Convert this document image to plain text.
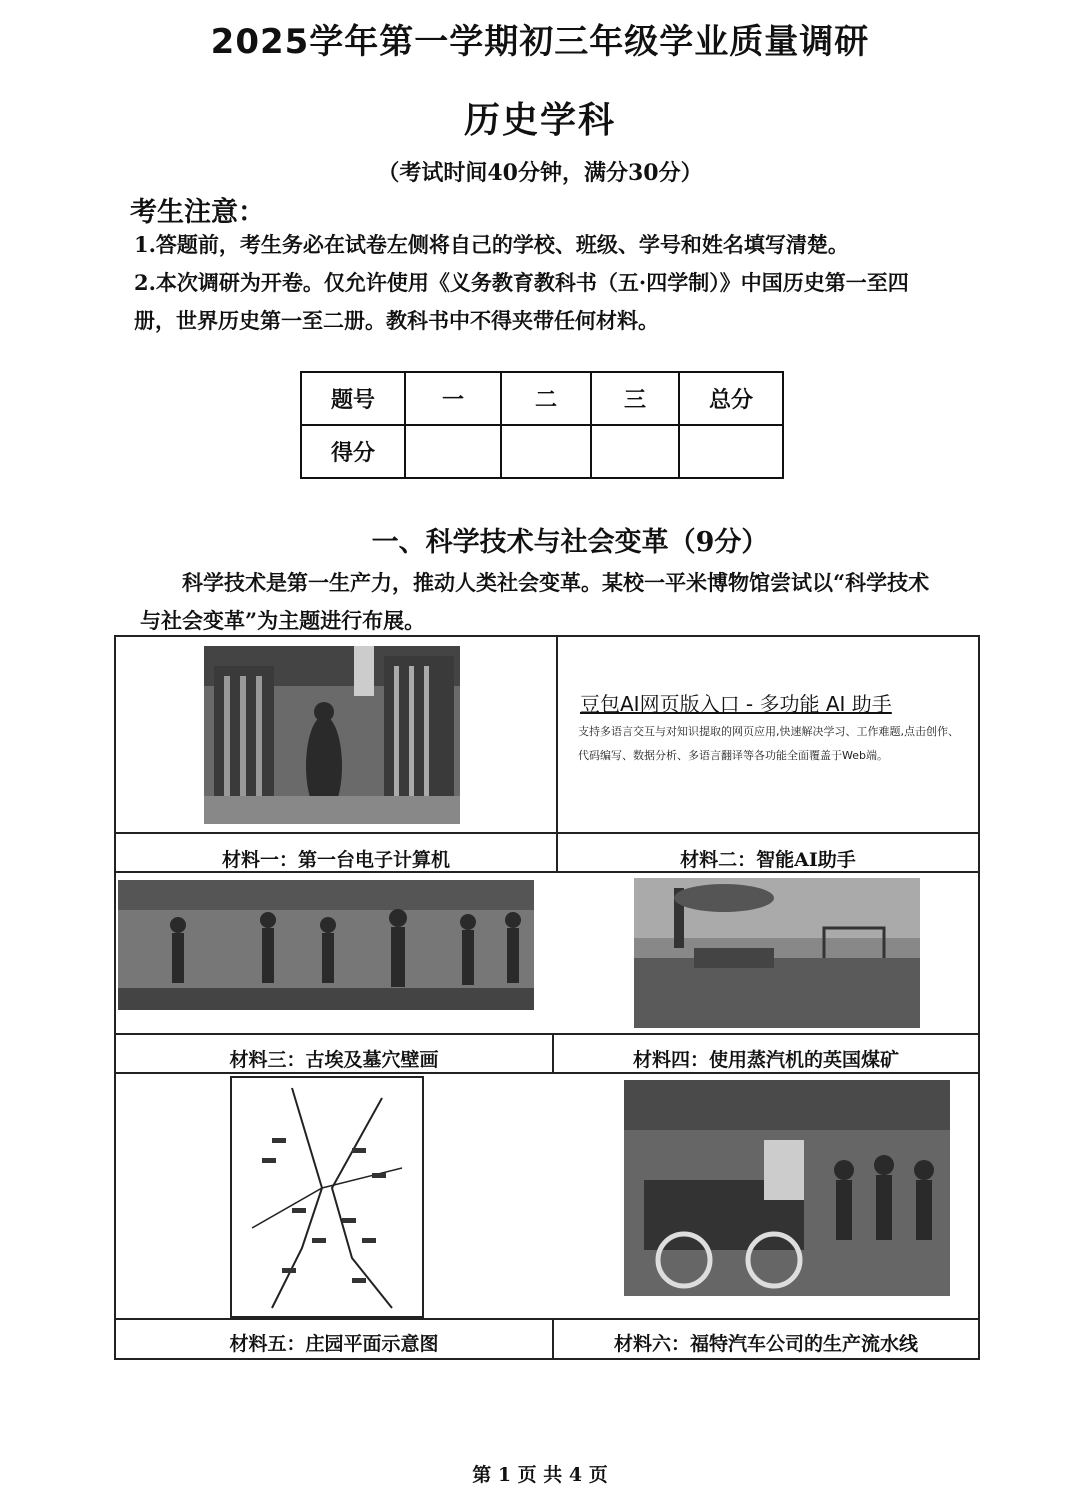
2025学年第一学期初三年级学业质量调研
历史学科
（考试时间40分钟，满分30分）
考生注意：
1.答题前，考生务必在试卷左侧将自己的学校、班级、学号和姓名填写清楚。
2.本次调研为开卷。仅允许使用《义务教育教科书（五·四学制）》中国历史第一至四
册，世界历史第一至二册。教科书中不得夹带任何材料。
题号	一	二	三	总分
得分				
一、科学技术与社会变革（9分）
科学技术是第一生产力，推动人类社会变革。某校一平米博物馆尝试以“科学技术
与社会变革”为主题进行布展。
豆包AI网页版入口 - 多功能 AI 助手
支持多语言交互与对知识提取的网页应用,快速解决学习、工作难题,点击创作、代码编写、数据分析、多语言翻译等各功能全面覆盖于Web端。
材料一：第一台电子计算机	材料二：智能AI助手
材料三：古埃及墓穴壁画	材料四：使用蒸汽机的英国煤矿
材料五：庄园平面示意图	材料六：福特汽车公司的生产流水线
第 1 页 共 4 页
